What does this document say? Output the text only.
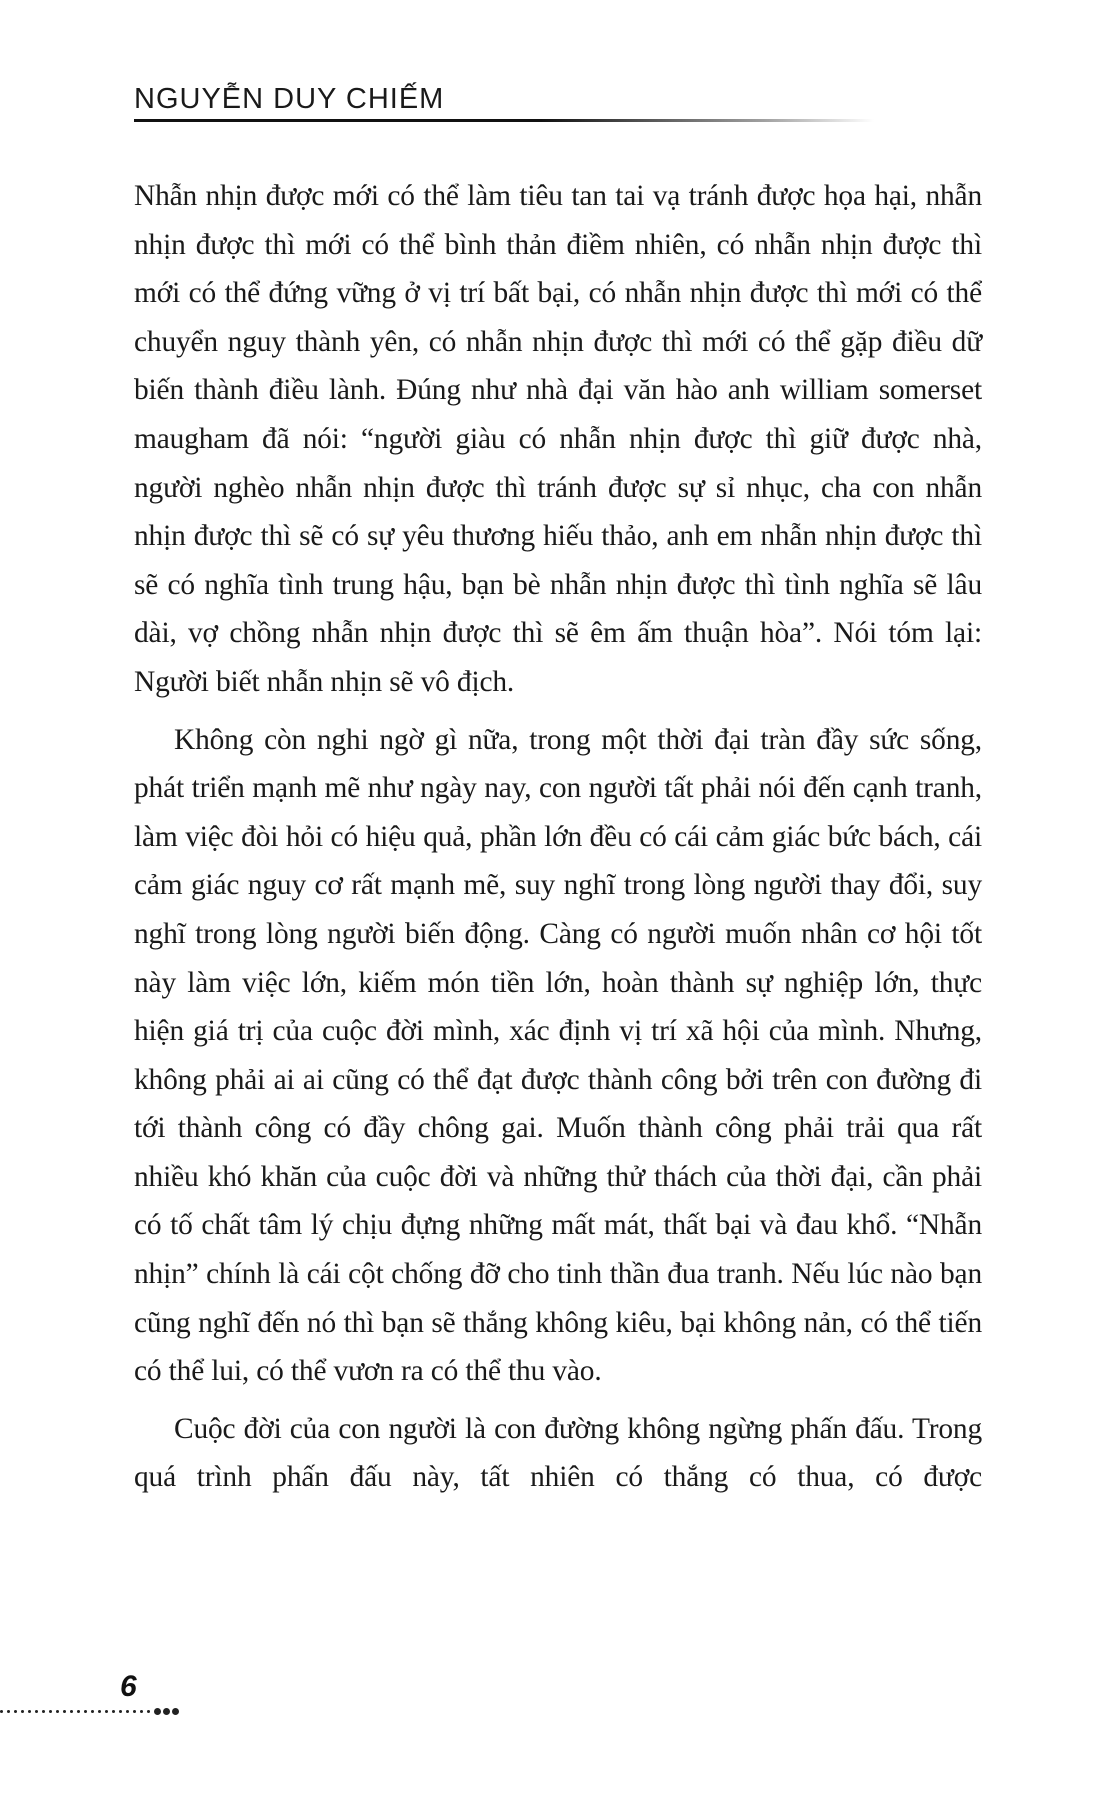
NGUYỄN DUY CHIẾM

Nhẫn nhịn được mới có thể làm tiêu tan tai vạ tránh được họa hại, nhẫn nhịn được thì mới có thể bình thản điềm nhiên, có nhẫn nhịn được thì mới có thể đứng vững ở vị trí bất bại, có nhẫn nhịn được thì mới có thể chuyển nguy thành yên, có nhẫn nhịn được thì mới có thể gặp điều dữ biến thành điều lành. Đúng như nhà đại văn hào anh william somerset maugham đã nói: “người giàu có nhẫn nhịn được thì giữ được nhà, người nghèo nhẫn nhịn được thì tránh được sự sỉ nhục, cha con nhẫn nhịn được thì sẽ có sự yêu thương hiếu thảo, anh em nhẫn nhịn được thì sẽ có nghĩa tình trung hậu, bạn bè nhẫn nhịn được thì tình nghĩa sẽ lâu dài, vợ chồng nhẫn nhịn được thì sẽ êm ấm thuận hòa”. Nói tóm lại: Người biết nhẫn nhịn sẽ vô địch.

Không còn nghi ngờ gì nữa, trong một thời đại tràn đầy sức sống, phát triển mạnh mẽ như ngày nay, con người tất phải nói đến cạnh tranh, làm việc đòi hỏi có hiệu quả, phần lớn đều có cái cảm giác bức bách, cái cảm giác nguy cơ rất mạnh mẽ, suy nghĩ trong lòng người thay đổi, suy nghĩ trong lòng người biến động. Càng có người muốn nhân cơ hội tốt này làm việc lớn, kiếm món tiền lớn, hoàn thành sự nghiệp lớn, thực hiện giá trị của cuộc đời mình, xác định vị trí xã hội của mình. Nhưng, không phải ai ai cũng có thể đạt được thành công bởi trên con đường đi tới thành công có đầy chông gai. Muốn thành công phải trải qua rất nhiều khó khăn của cuộc đời và những thử thách của thời đại, cần phải có tố chất tâm lý chịu đựng những mất mát, thất bại và đau khổ. “Nhẫn nhịn” chính là cái cột chống đỡ cho tinh thần đua tranh. Nếu lúc nào bạn cũng nghĩ đến nó thì bạn sẽ thắng không kiêu, bại không nản, có thể tiến có thể lui, có thể vươn ra có thể thu vào.

Cuộc đời của con người là con đường không ngừng phấn đấu. Trong quá trình phấn đấu này, tất nhiên có thắng có thua, có được

6
